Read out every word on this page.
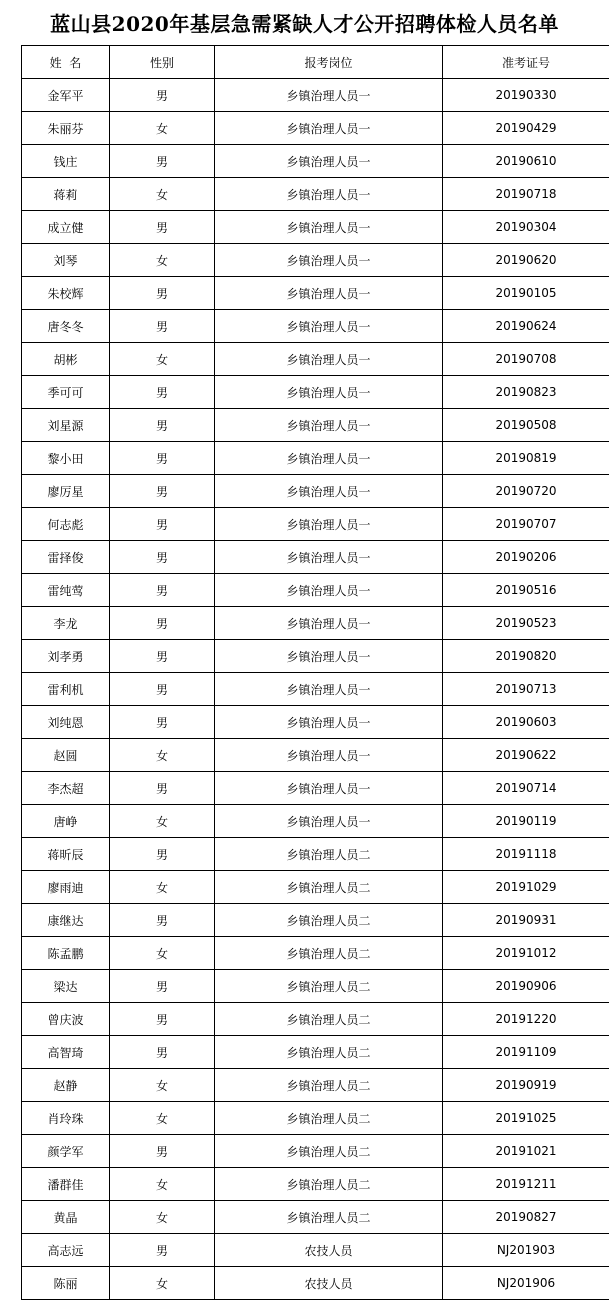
蓝山县2020年基层急需紧缺人才公开招聘体检人员名单
姓  名	性别	报考岗位	准考证号
金军平	男	乡镇治理人员一	20190330
朱丽芬	女	乡镇治理人员一	20190429
钱庄	男	乡镇治理人员一	20190610
蒋莉	女	乡镇治理人员一	20190718
成立健	男	乡镇治理人员一	20190304
刘琴	女	乡镇治理人员一	20190620
朱校辉	男	乡镇治理人员一	20190105
唐冬冬	男	乡镇治理人员一	20190624
胡彬	女	乡镇治理人员一	20190708
季可可	男	乡镇治理人员一	20190823
刘星源	男	乡镇治理人员一	20190508
黎小田	男	乡镇治理人员一	20190819
廖厉星	男	乡镇治理人员一	20190720
何志彪	男	乡镇治理人员一	20190707
雷择俊	男	乡镇治理人员一	20190206
雷纯莺	男	乡镇治理人员一	20190516
李龙	男	乡镇治理人员一	20190523
刘孝勇	男	乡镇治理人员一	20190820
雷利机	男	乡镇治理人员一	20190713
刘纯恩	男	乡镇治理人员一	20190603
赵圆	女	乡镇治理人员一	20190622
李杰超	男	乡镇治理人员一	20190714
唐峥	女	乡镇治理人员一	20190119
蒋昕辰	男	乡镇治理人员二	20191118
廖雨迪	女	乡镇治理人员二	20191029
康继达	男	乡镇治理人员二	20190931
陈孟鹏	女	乡镇治理人员二	20191012
梁达	男	乡镇治理人员二	20190906
曾庆波	男	乡镇治理人员二	20191220
高智琦	男	乡镇治理人员二	20191109
赵静	女	乡镇治理人员二	20190919
肖玲珠	女	乡镇治理人员二	20191025
颜学军	男	乡镇治理人员二	20191021
潘群佳	女	乡镇治理人员二	20191211
黄晶	女	乡镇治理人员二	20190827
高志远	男	农技人员	NJ201903
陈丽	女	农技人员	NJ201906
